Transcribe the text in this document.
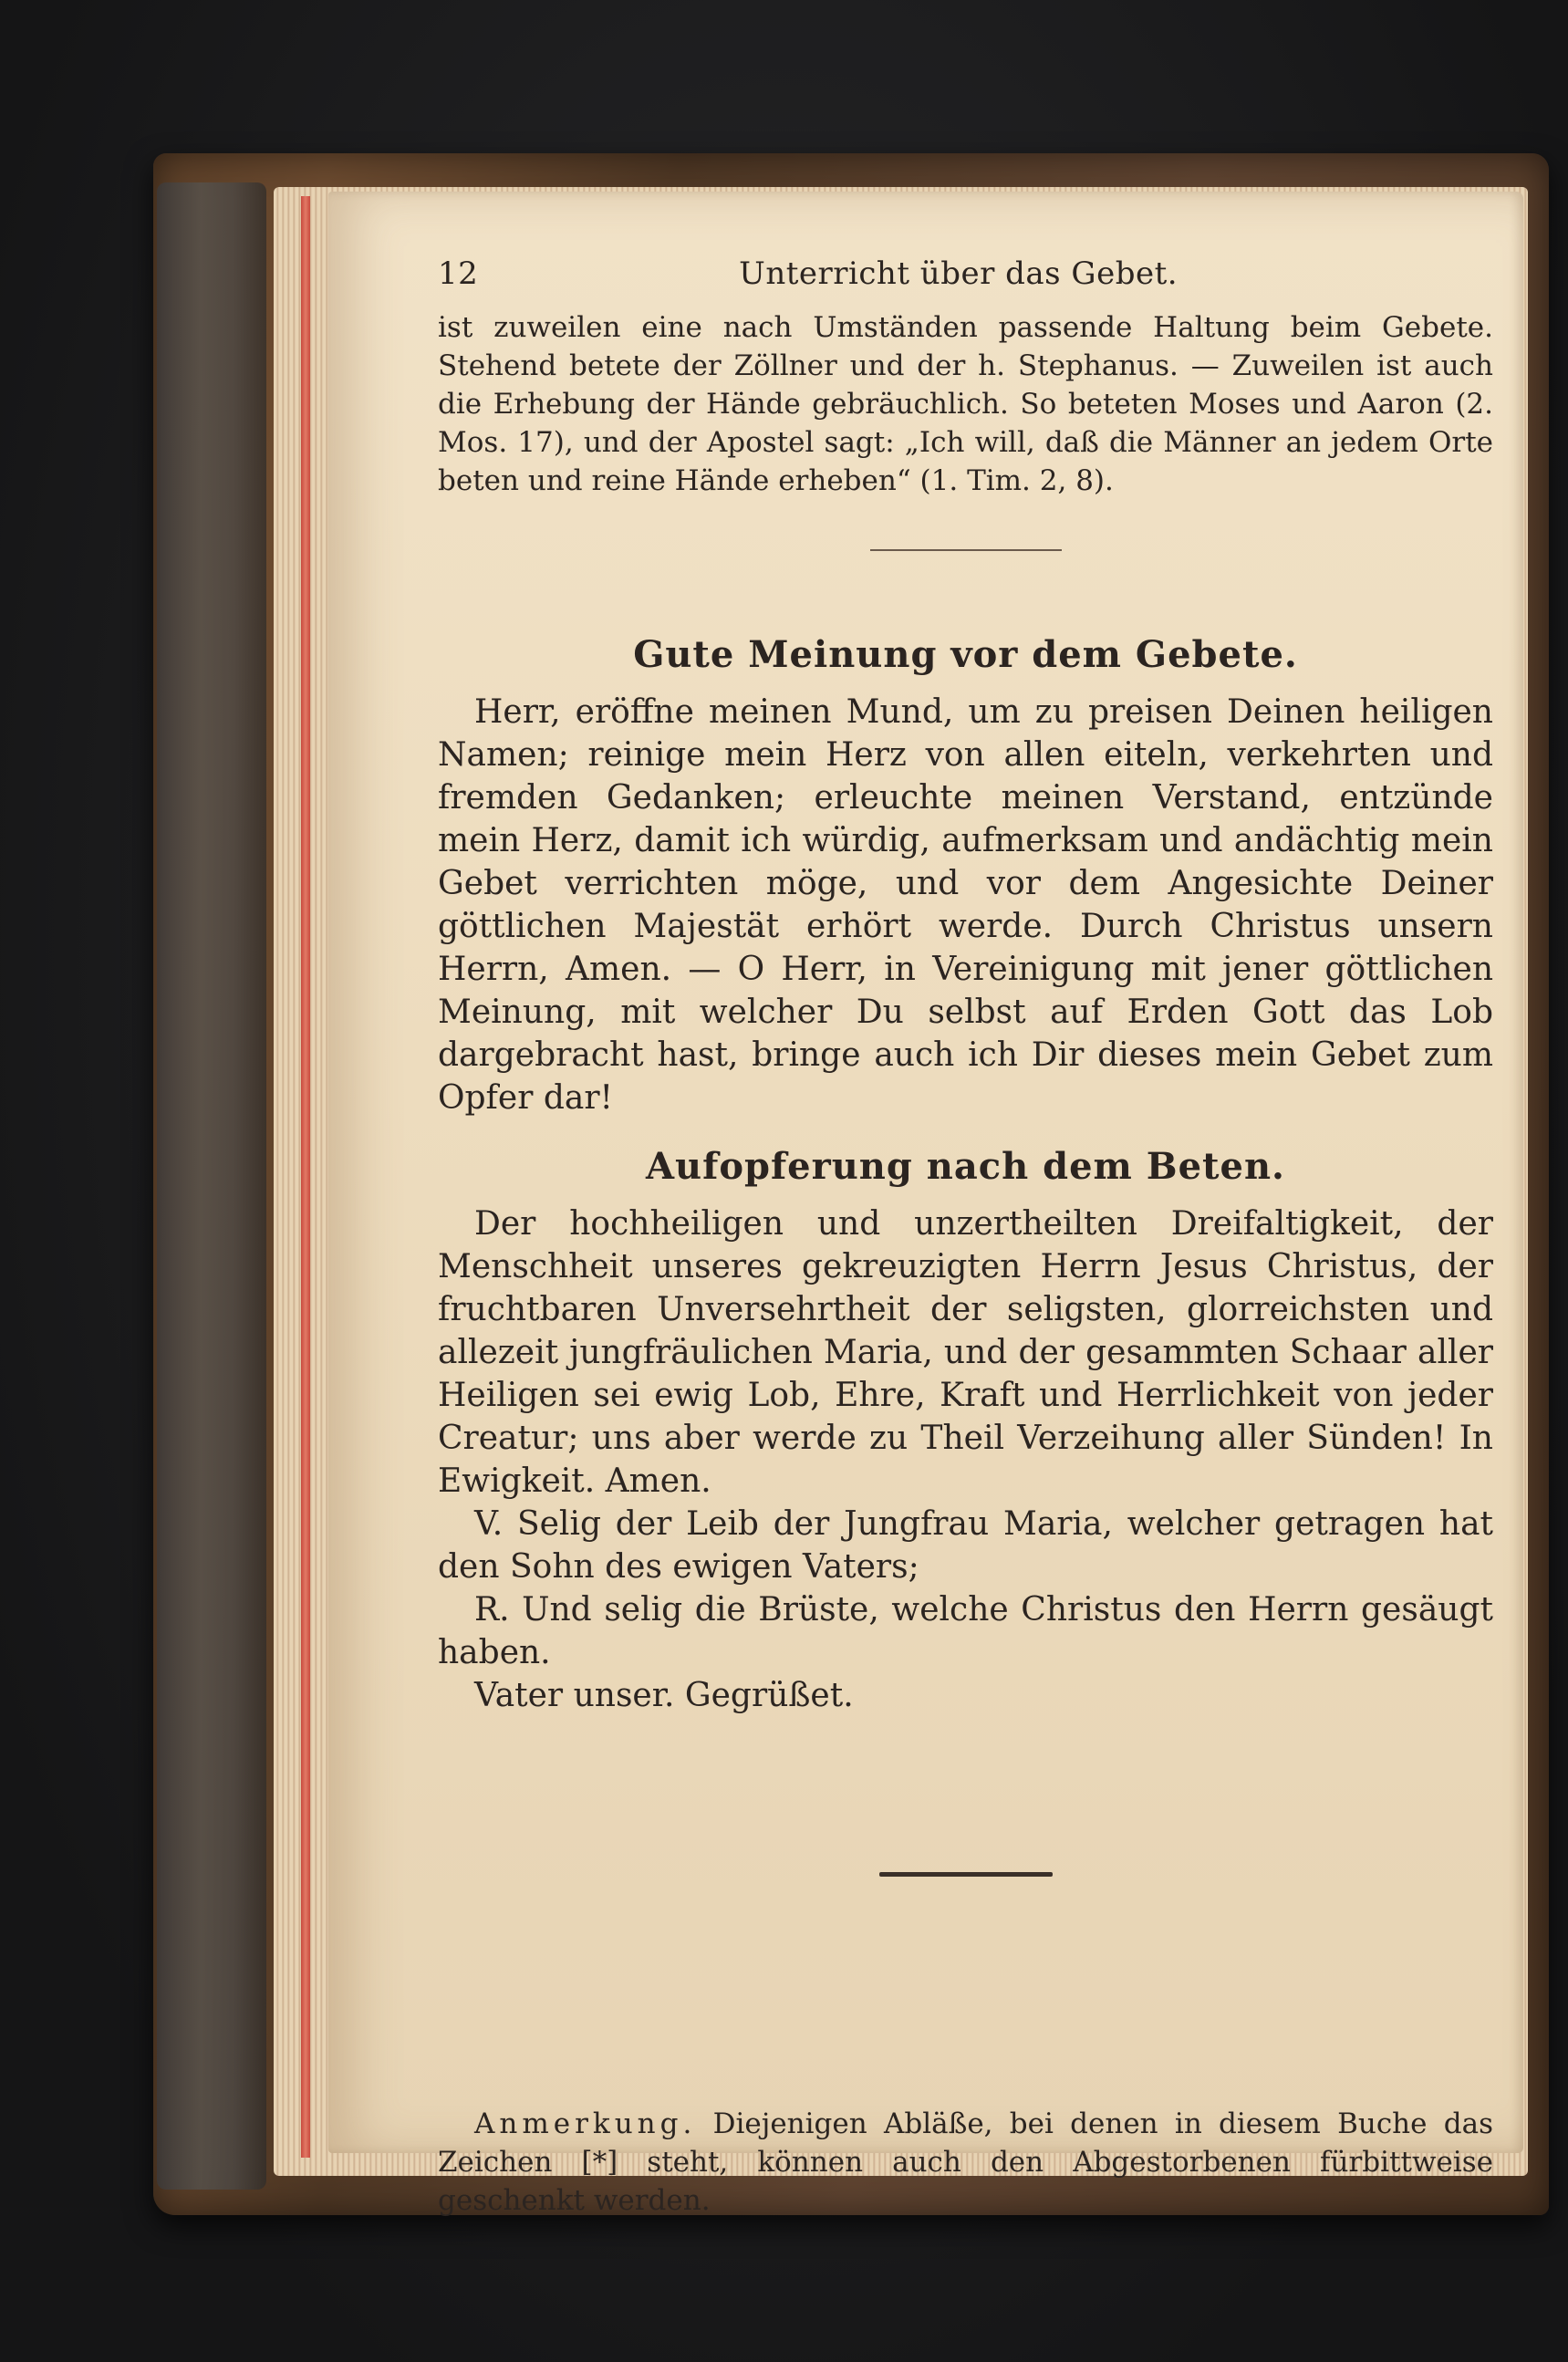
12	Unterricht über das Gebet.

ist zuweilen eine nach Umständen passende Haltung beim Gebete. Stehend betete der Zöllner und der h. Stephanus. — Zuweilen ist auch die Erhebung der Hände gebräuchlich. So beteten Moses und Aaron (2. Mos. 17), und der Apostel sagt: „Ich will, daß die Männer an jedem Orte beten und reine Hände erheben“ (1. Tim. 2, 8).

Gute Meinung vor dem Gebete.

Herr, eröffne meinen Mund, um zu preisen Deinen heiligen Namen; reinige mein Herz von allen eiteln, verkehrten und fremden Gedanken; erleuchte meinen Verstand, entzünde mein Herz, damit ich würdig, aufmerksam und andächtig mein Gebet verrichten möge, und vor dem Angesichte Deiner göttlichen Majestät erhört werde. Durch Christus unsern Herrn, Amen. — O Herr, in Vereinigung mit jener göttlichen Meinung, mit welcher Du selbst auf Erden Gott das Lob dargebracht hast, bringe auch ich Dir dieses mein Gebet zum Opfer dar!

Aufopferung nach dem Beten.

Der hochheiligen und unzertheilten Dreifaltigkeit, der Menschheit unseres gekreuzigten Herrn Jesus Christus, der fruchtbaren Unversehrtheit der seligsten, glorreichsten und allezeit jungfräulichen Maria, und der gesammten Schaar aller Heiligen sei ewig Lob, Ehre, Kraft und Herrlichkeit von jeder Creatur; uns aber werde zu Theil Verzeihung aller Sünden! In Ewigkeit. Amen.

V. Selig der Leib der Jungfrau Maria, welcher getragen hat den Sohn des ewigen Vaters;

R. Und selig die Brüste, welche Christus den Herrn gesäugt haben.

Vater unser. Gegrüßet.

Anmerkung. Diejenigen Abläße, bei denen in diesem Buche das Zeichen [*] steht, können auch den Abgestorbenen fürbittweise geschenkt werden.
